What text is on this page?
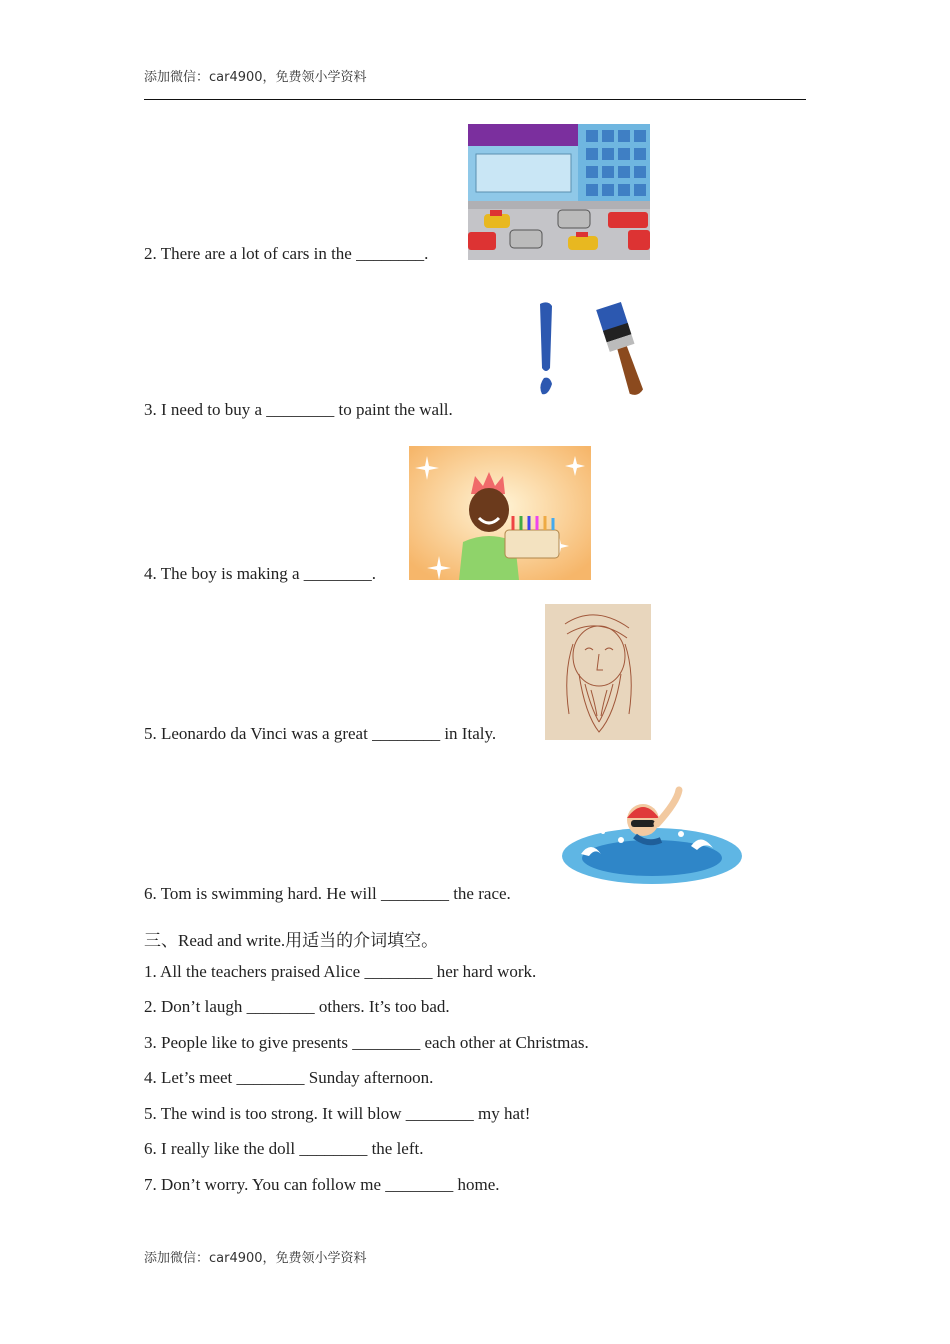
添加微信：car4900，免费领小学资料
2. There are a lot of cars in the ________.
3. I need to buy a ________ to paint the wall.
4. The boy is making a ________.
5. Leonardo da Vinci was a great ________ in Italy.
6. Tom is swimming hard. He will ________ the race.
三、Read and write.用适当的介词填空。
1. All the teachers praised Alice ________ her hard work.
2. Don’t laugh ________ others. It’s too bad.
3. People like to give presents ________ each other at Christmas.
4. Let’s meet ________ Sunday afternoon.
5. The wind is too strong. It will blow ________ my hat!
6. I really like the doll ________ the left.
7. Don’t worry. You can follow me ________ home.
添加微信：car4900，免费领小学资料
